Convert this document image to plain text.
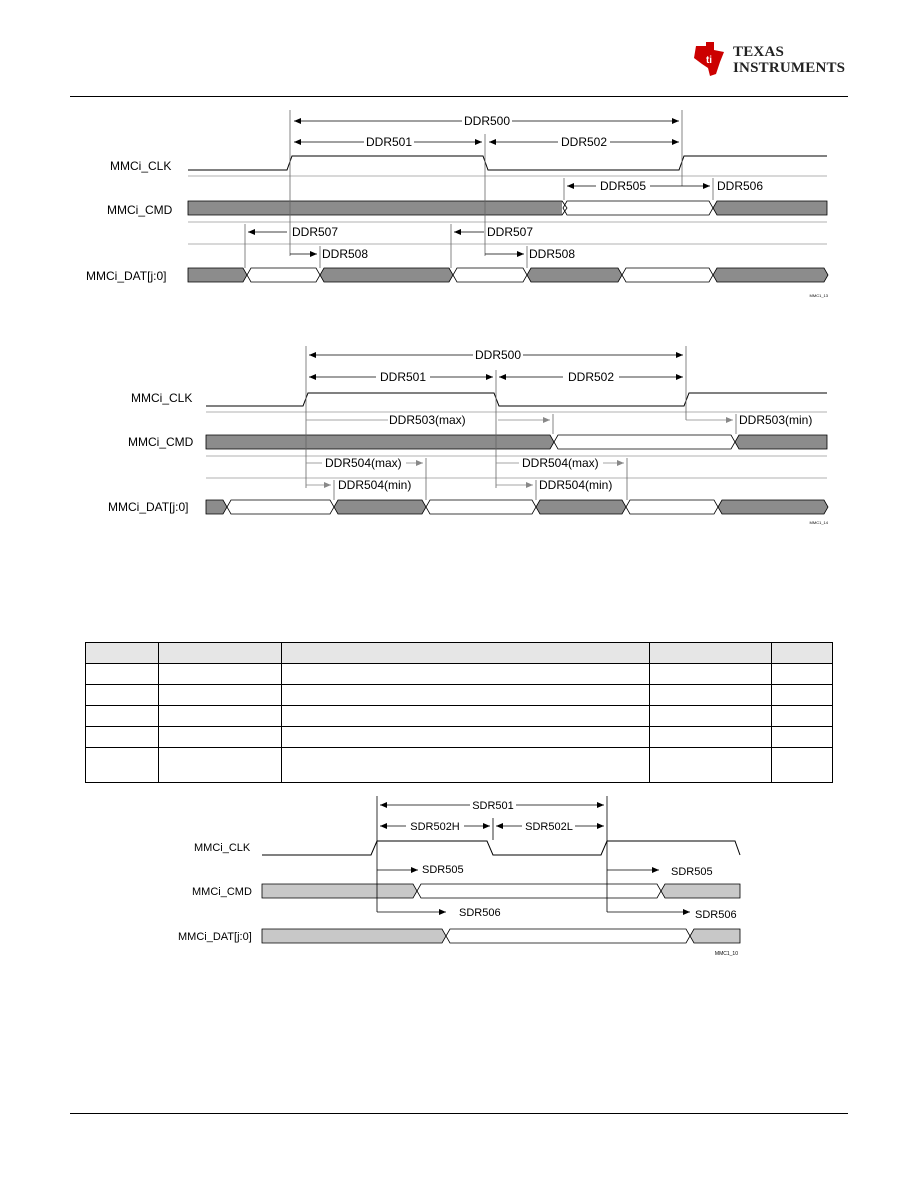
ti
TEXAS
INSTRUMENTS
MMCi_CLK
MMCi_CMD
MMCi_DAT[j:0]
DDR500
DDR501	DDR502
DDR505	DDR506
DDR507
DDR508
DDR507
DDR508
MMC1_13
MMCi_CLK
MMCi_CMD
MMCi_DAT[j:0]
DDR500
DDR501	DDR502
DDR503(max)	DDR503(min)
DDR504(max)
DDR504(min)
DDR504(max)
DDR504(min)
MMC1_14

MMCi_CLK
MMCi_CMD
MMCi_DAT[j:0]
SDR501
SDR502H	SDR502L
SDR505	SDR505
SDR506	SDR506
MMC1_10
